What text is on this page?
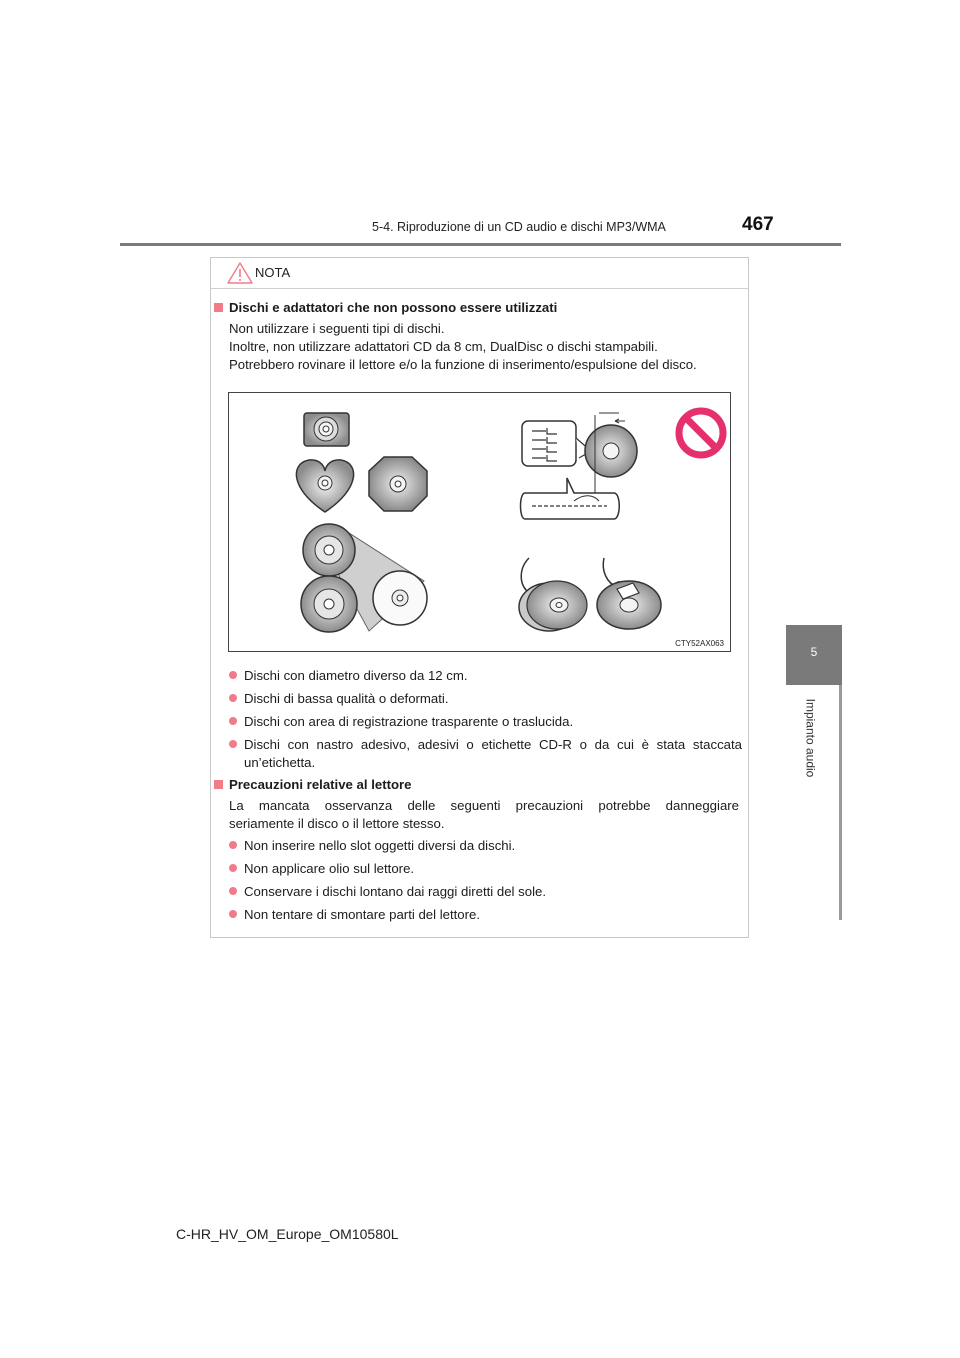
5-4. Riproduzione di un CD audio e dischi MP3/WMA	467
5
Impianto audio
NOTA
Dischi e adattatori che non possono essere utilizzati
Non utilizzare i seguenti tipi di dischi.
Inoltre, non utilizzare adattatori CD da 8 cm, DualDisc o dischi stampabili.
Potrebbero rovinare il lettore e/o la funzione di inserimento/espulsione del disco.
Dischi con diametro diverso da 12 cm.
Dischi di bassa qualità o deformati.
Dischi con area di registrazione trasparente o traslucida.
Dischi con nastro adesivo, adesivi o etichette CD-R o da cui è stata staccata
un’etichetta.
Precauzioni relative al lettore
La mancata osservanza delle seguenti precauzioni potrebbe danneggiare
seriamente il disco o il lettore stesso.
Non inserire nello slot oggetti diversi da dischi.
Non applicare olio sul lettore.
Conservare i dischi lontano dai raggi diretti del sole.
Non tentare di smontare parti del lettore.
CTY52AX063
C-HR_HV_OM_Europe_OM10580L
